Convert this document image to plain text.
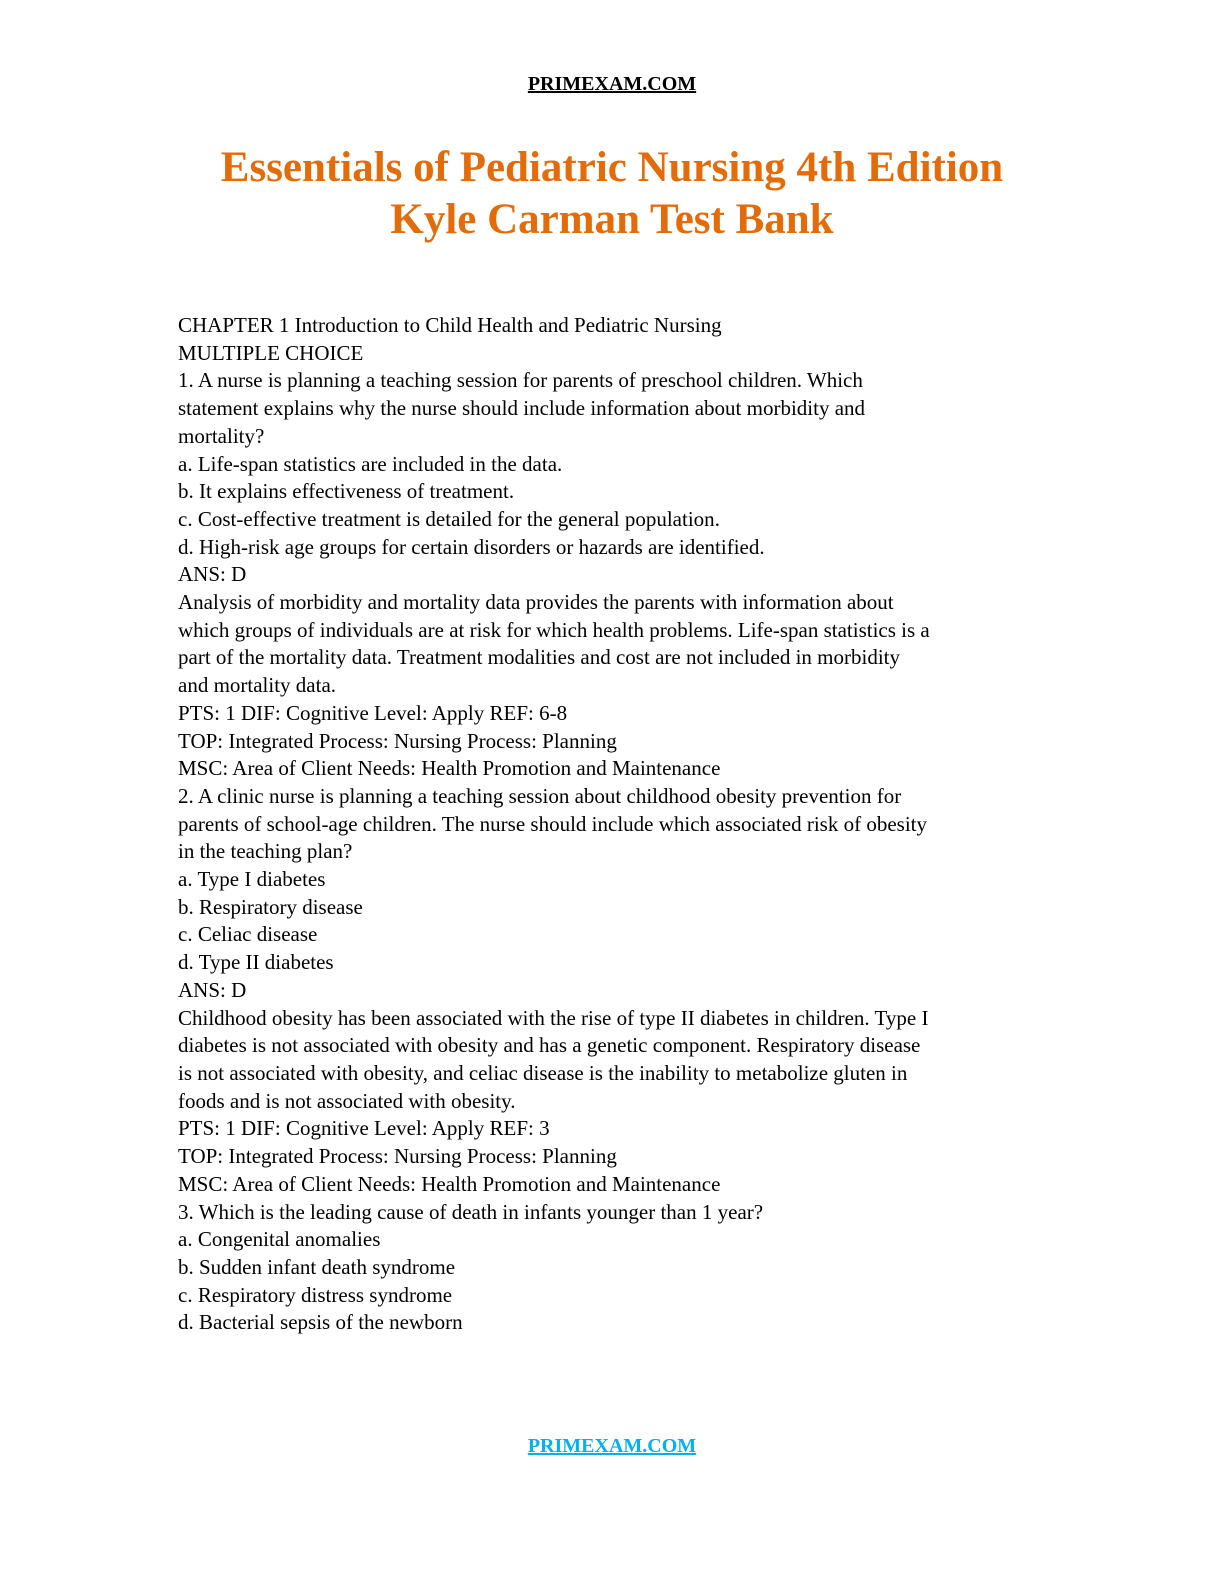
PRIMEXAM.COM
Essentials of Pediatric Nursing 4th Edition
Kyle Carman Test Bank
CHAPTER 1 Introduction to Child Health and Pediatric Nursing
MULTIPLE CHOICE
1. A nurse is planning a teaching session for parents of preschool children. Which
statement explains why the nurse should include information about morbidity and
mortality?
a. Life-span statistics are included in the data.
b. It explains effectiveness of treatment.
c. Cost-effective treatment is detailed for the general population.
d. High-risk age groups for certain disorders or hazards are identified.
ANS: D
Analysis of morbidity and mortality data provides the parents with information about
which groups of individuals are at risk for which health problems. Life-span statistics is a
part of the mortality data. Treatment modalities and cost are not included in morbidity
and mortality data.
PTS: 1 DIF: Cognitive Level: Apply REF: 6-8
TOP: Integrated Process: Nursing Process: Planning
MSC: Area of Client Needs: Health Promotion and Maintenance
2. A clinic nurse is planning a teaching session about childhood obesity prevention for
parents of school-age children. The nurse should include which associated risk of obesity
in the teaching plan?
a. Type I diabetes
b. Respiratory disease
c. Celiac disease
d. Type II diabetes
ANS: D
Childhood obesity has been associated with the rise of type II diabetes in children. Type I
diabetes is not associated with obesity and has a genetic component. Respiratory disease
is not associated with obesity, and celiac disease is the inability to metabolize gluten in
foods and is not associated with obesity.
PTS: 1 DIF: Cognitive Level: Apply REF: 3
TOP: Integrated Process: Nursing Process: Planning
MSC: Area of Client Needs: Health Promotion and Maintenance
3. Which is the leading cause of death in infants younger than 1 year?
a. Congenital anomalies
b. Sudden infant death syndrome
c. Respiratory distress syndrome
d. Bacterial sepsis of the newborn
PRIMEXAM.COM
